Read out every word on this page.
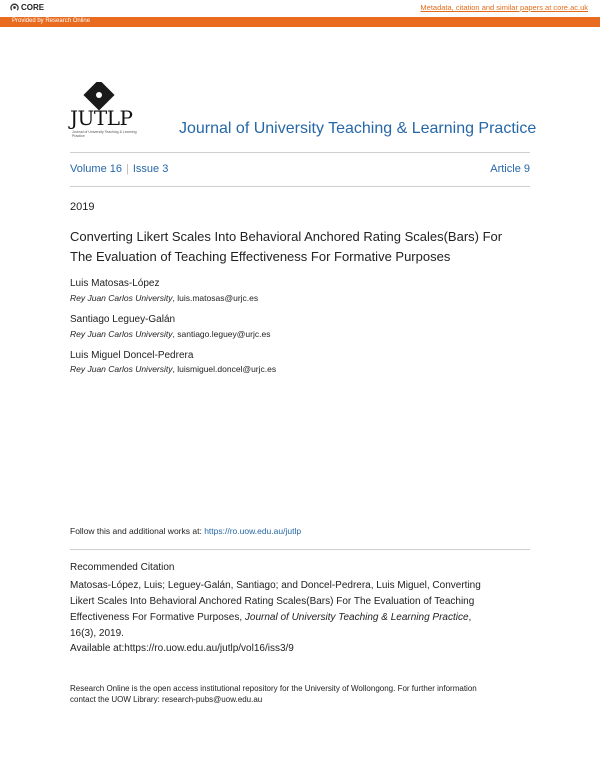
CORE	Metadata, citation and similar papers at core.ac.uk
Provided by Research Online
JUTLP
Journal of University Teaching & Learning Practice	Journal of University Teaching & Learning Practice
Volume 16 | Issue 3	Article 9
2019
Converting Likert Scales Into Behavioral Anchored Rating Scales(Bars) For
The Evaluation of Teaching Effectiveness For Formative Purposes
Luis Matosas-López
Rey Juan Carlos University, luis.matosas@urjc.es
Santiago Leguey-Galán
Rey Juan Carlos University, santiago.leguey@urjc.es
Luis Miguel Doncel-Pedrera
Rey Juan Carlos University, luismiguel.doncel@urjc.es
Follow this and additional works at: https://ro.uow.edu.au/jutlp
Recommended Citation
Matosas-López, Luis; Leguey-Galán, Santiago; and Doncel-Pedrera, Luis Miguel, Converting
Likert Scales Into Behavioral Anchored Rating Scales(Bars) For The Evaluation of Teaching
Effectiveness For Formative Purposes, Journal of University Teaching & Learning Practice,
16(3), 2019.
Available at:https://ro.uow.edu.au/jutlp/vol16/iss3/9
Research Online is the open access institutional repository for the University of Wollongong. For further information
contact the UOW Library: research-pubs@uow.edu.au
